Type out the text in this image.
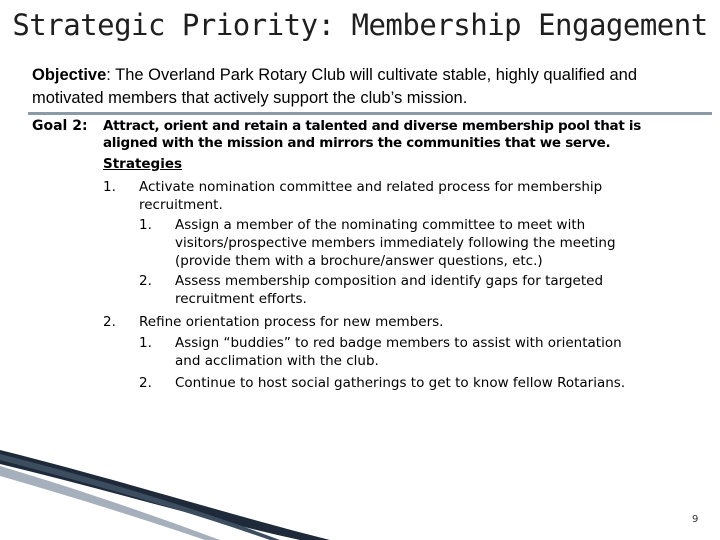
Strategic Priority: Membership Engagement
Objective: The Overland Park Rotary Club will cultivate stable, highly qualified and motivated members that actively support the club’s mission.
Goal 2: Attract, orient and retain a talented and diverse membership pool that is aligned with the mission and mirrors the communities that we serve.
Strategies
1. Activate nomination committee and related process for membership
recruitment.
1. Assign a member of the nominating committee to meet with
visitors/prospective members immediately following the meeting
(provide them with a brochure/answer questions, etc.)
2. Assess membership composition and identify gaps for targeted
recruitment efforts.
2. Refine orientation process for new members.
1. Assign “buddies” to red badge members to assist with orientation
and acclimation with the club.
2. Continue to host social gatherings to get to know fellow Rotarians.
9
